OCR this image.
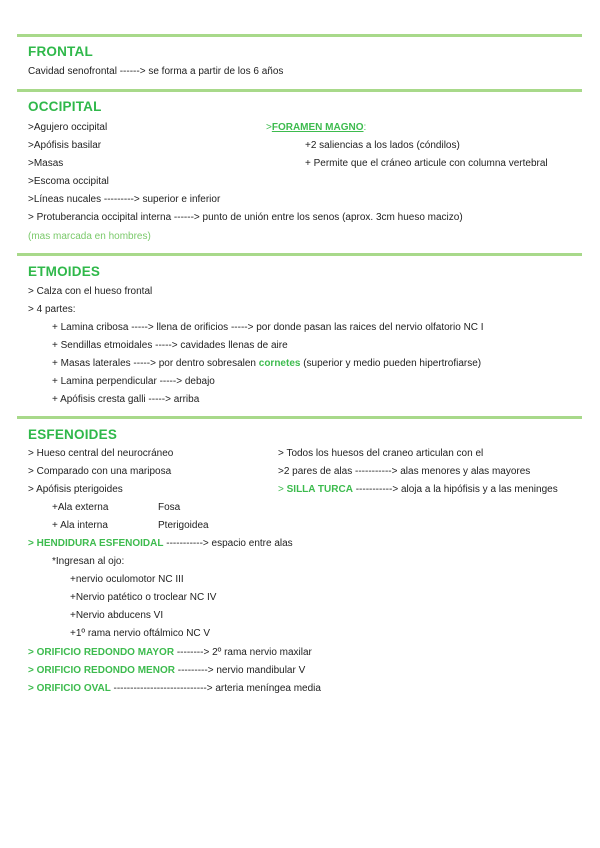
FRONTAL
Cavidad senofrontal ------> se forma a partir de los 6 años
OCCIPITAL
>Agujero occipital
>Apófisis basilar
>Masas
>Escoma occipital
>Líneas nucales ---------> superior e inferior
> Protuberancia occipital interna ------> punto de unión entre los senos (aprox. 3cm hueso macizo)
(mas marcada en hombres)
>FORAMEN MAGNO:
+2 saliencias a los lados (cóndilos)
+ Permite que el cráneo articule con columna vertebral
ETMOIDES
> Calza con el hueso frontal
> 4 partes:
+ Lamina cribosa -----> llena de orificios -----> por donde pasan las raices del nervio olfatorio NC I
+ Sendillas etmoidales -----> cavidades llenas de aire
+ Masas laterales -----> por dentro sobresalen cornetes (superior y medio pueden hipertrofiarse)
+ Lamina perpendicular -----> debajo
+ Apófisis cresta galli -----> arriba
ESFENOIDES
> Hueso central del neurocráneo
> Comparado con una mariposa
> Apófisis pterigoides
> Todos los huesos del craneo articulan con el
>2 pares de alas -----------> alas menores y alas mayores
> SILLA TURCA -----------> aloja a la hipófisis y a las meninges
+Ala externa	Fosa
+ Ala interna	Pterigoidea
> HENDIDURA ESFENOIDAL -----------> espacio entre alas
*Ingresan al ojo:
+nervio oculomotor NC III
+Nervio patético o troclear NC IV
+Nervio abducens VI
+1º rama nervio oftálmico NC V
> ORIFICIO REDONDO MAYOR --------> 2º rama nervio maxilar
> ORIFICIO REDONDO MENOR ---------> nervio mandibular V
> ORIFICIO OVAL ----------------------------> arteria meníngea media
